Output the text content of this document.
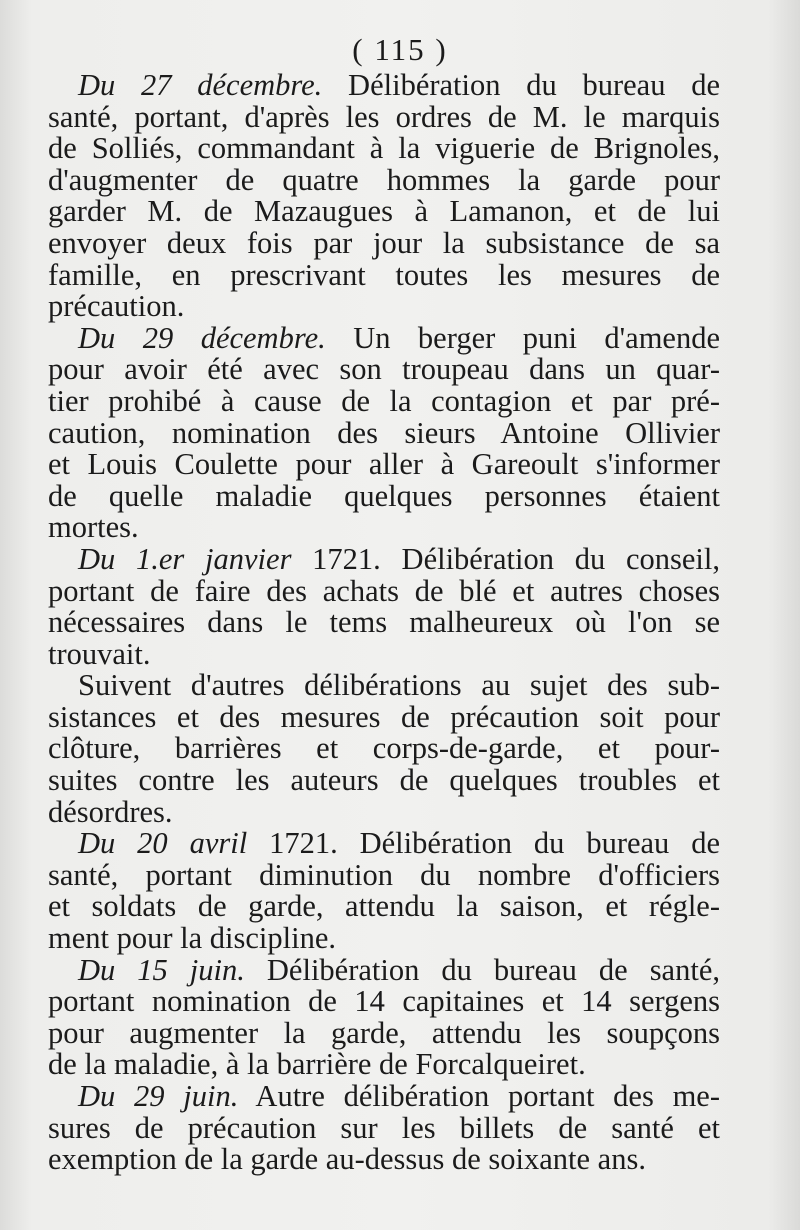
( 115 )

Du 27 décembre. Délibération du bureau de
santé, portant, d'après les ordres de M. le marquis
de Solliés, commandant à la viguerie de Brignoles,
d'augmenter de quatre hommes la garde pour
garder M. de Mazaugues à Lamanon, et de lui
envoyer deux fois par jour la subsistance de sa
famille, en prescrivant toutes les mesures de
précaution.

Du 29 décembre. Un berger puni d'amende
pour avoir été avec son troupeau dans un quar-
tier prohibé à cause de la contagion et par pré-
caution, nomination des sieurs Antoine Ollivier
et Louis Coulette pour aller à Gareoult s'informer
de quelle maladie quelques personnes étaient
mortes.

Du 1.er janvier 1721. Délibération du conseil,
portant de faire des achats de blé et autres choses
nécessaires dans le tems malheureux où l'on se
trouvait.

Suivent d'autres délibérations au sujet des sub-
sistances et des mesures de précaution soit pour
clôture, barrières et corps-de-garde, et pour-
suites contre les auteurs de quelques troubles et
désordres.

Du 20 avril 1721. Délibération du bureau de
santé, portant diminution du nombre d'officiers
et soldats de garde, attendu la saison, et régle-
ment pour la discipline.

Du 15 juin. Délibération du bureau de santé,
portant nomination de 14 capitaines et 14 sergens
pour augmenter la garde, attendu les soupçons
de la maladie, à la barrière de Forcalqueiret.

Du 29 juin. Autre délibération portant des me-
sures de précaution sur les billets de santé et
exemption de la garde au-dessus de soixante ans.
